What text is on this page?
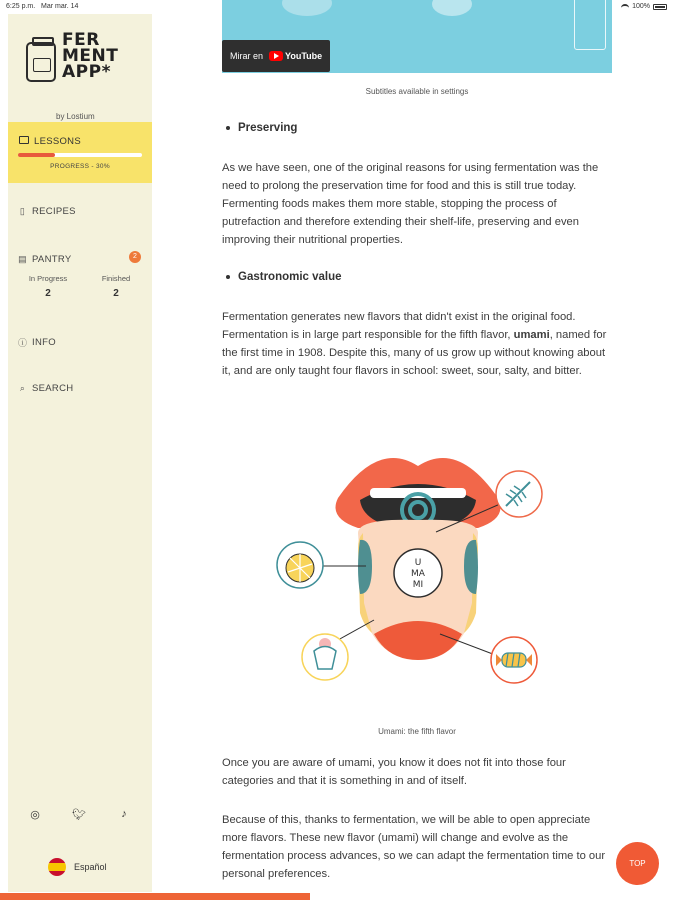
6:25 p.m. Mar mar. 14	100%
FER
MENT
APP*
by Lostium
LESSONS
PROGRESS - 30%
▯ RECIPES
▤ PANTRY	2
In Progress
2
Finished
2
ⓘ INFO
⌕ SEARCH
◎	🐦︎	♪
Español
Mirar en YouTube
Subtitles available in settings
Preserving

As we have seen, one of the original reasons for using fermentation was the need to prolong the preservation time for food and this is still true today. Fermenting foods makes them more stable, stopping the process of putrefaction and therefore extending their shelf-life, preserving and even improving their nutritional properties.

Gastronomic value

Fermentation generates new flavors that didn't exist in the original food. Fermentation is in large part responsible for the fifth flavor, umami, named for the first time in 1908. Despite this, many of us grow up without knowing about it, and are only taught four flavors in school: sweet, sour, salty, and bitter.

U
MA
MI
Umami: the fifth flavor

Once you are aware of umami, you know it does not fit into those four categories and that it is something in and of itself.

Because of this, thanks to fermentation, we will be able to open appreciate more flavors. These new flavor (umami) will change and evolve as the fermentation process advances, so we can adapt the fermentation time to our personal preferences.

TOP
